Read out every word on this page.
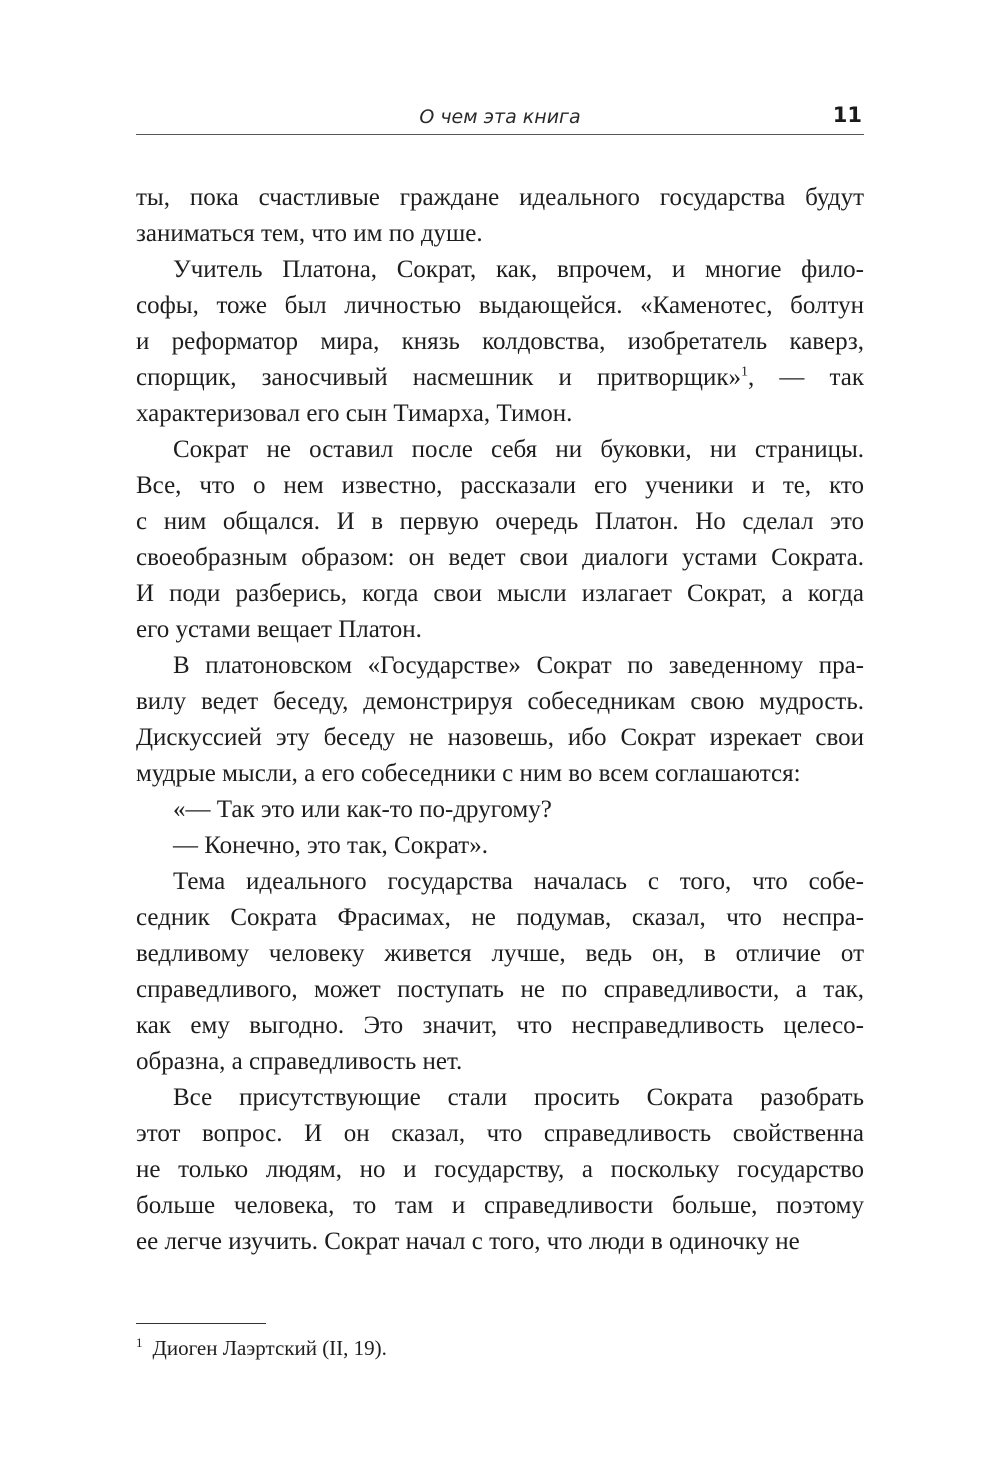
О чем эта книга	11

ты, пока счастливые граждане идеального государства будут
заниматься тем, что им по душе.

Учитель Платона, Сократ, как, впрочем, и многие фило-
софы, тоже был личностью выдающейся. «Каменотес, болтун
и реформатор мира, князь колдовства, изобретатель каверз,
спорщик, заносчивый насмешник и притворщик»$^1$, — так
характеризовал его сын Тимарха, Тимон.

Сократ не оставил после себя ни буковки, ни страницы.
Все, что о нем известно, рассказали его ученики и те, кто
с ним общался. И в первую очередь Платон. Но сделал это
своеобразным образом: он ведет свои диалоги устами Сократа.
И поди разберись, когда свои мысли излагает Сократ, а когда
его устами вещает Платон.

В платоновском «Государстве» Сократ по заведенному пра-
вилу ведет беседу, демонстрируя собеседникам свою мудрость.
Дискуссией эту беседу не назовешь, ибо Сократ изрекает свои
мудрые мысли, а его собеседники с ним во всем соглашаются:

«— Так это или как-то по-другому?

— Конечно, это так, Сократ».

Тема идеального государства началась с того, что собе-
седник Сократа Фрасимах, не подумав, сказал, что неспра-
ведливому человеку живется лучше, ведь он, в отличие от
справедливого, может поступать не по справедливости, а так,
как ему выгодно. Это значит, что несправедливость целесо-
образна, а справедливость нет.

Все присутствующие стали просить Сократа разобрать
этот вопрос. И он сказал, что справедливость свойственна
не только людям, но и государству, а поскольку государство
больше человека, то там и справедливости больше, поэтому
ее легче изучить. Сократ начал с того, что люди в одиночку не

$^1$ Диоген Лаэртский (II, 19).
